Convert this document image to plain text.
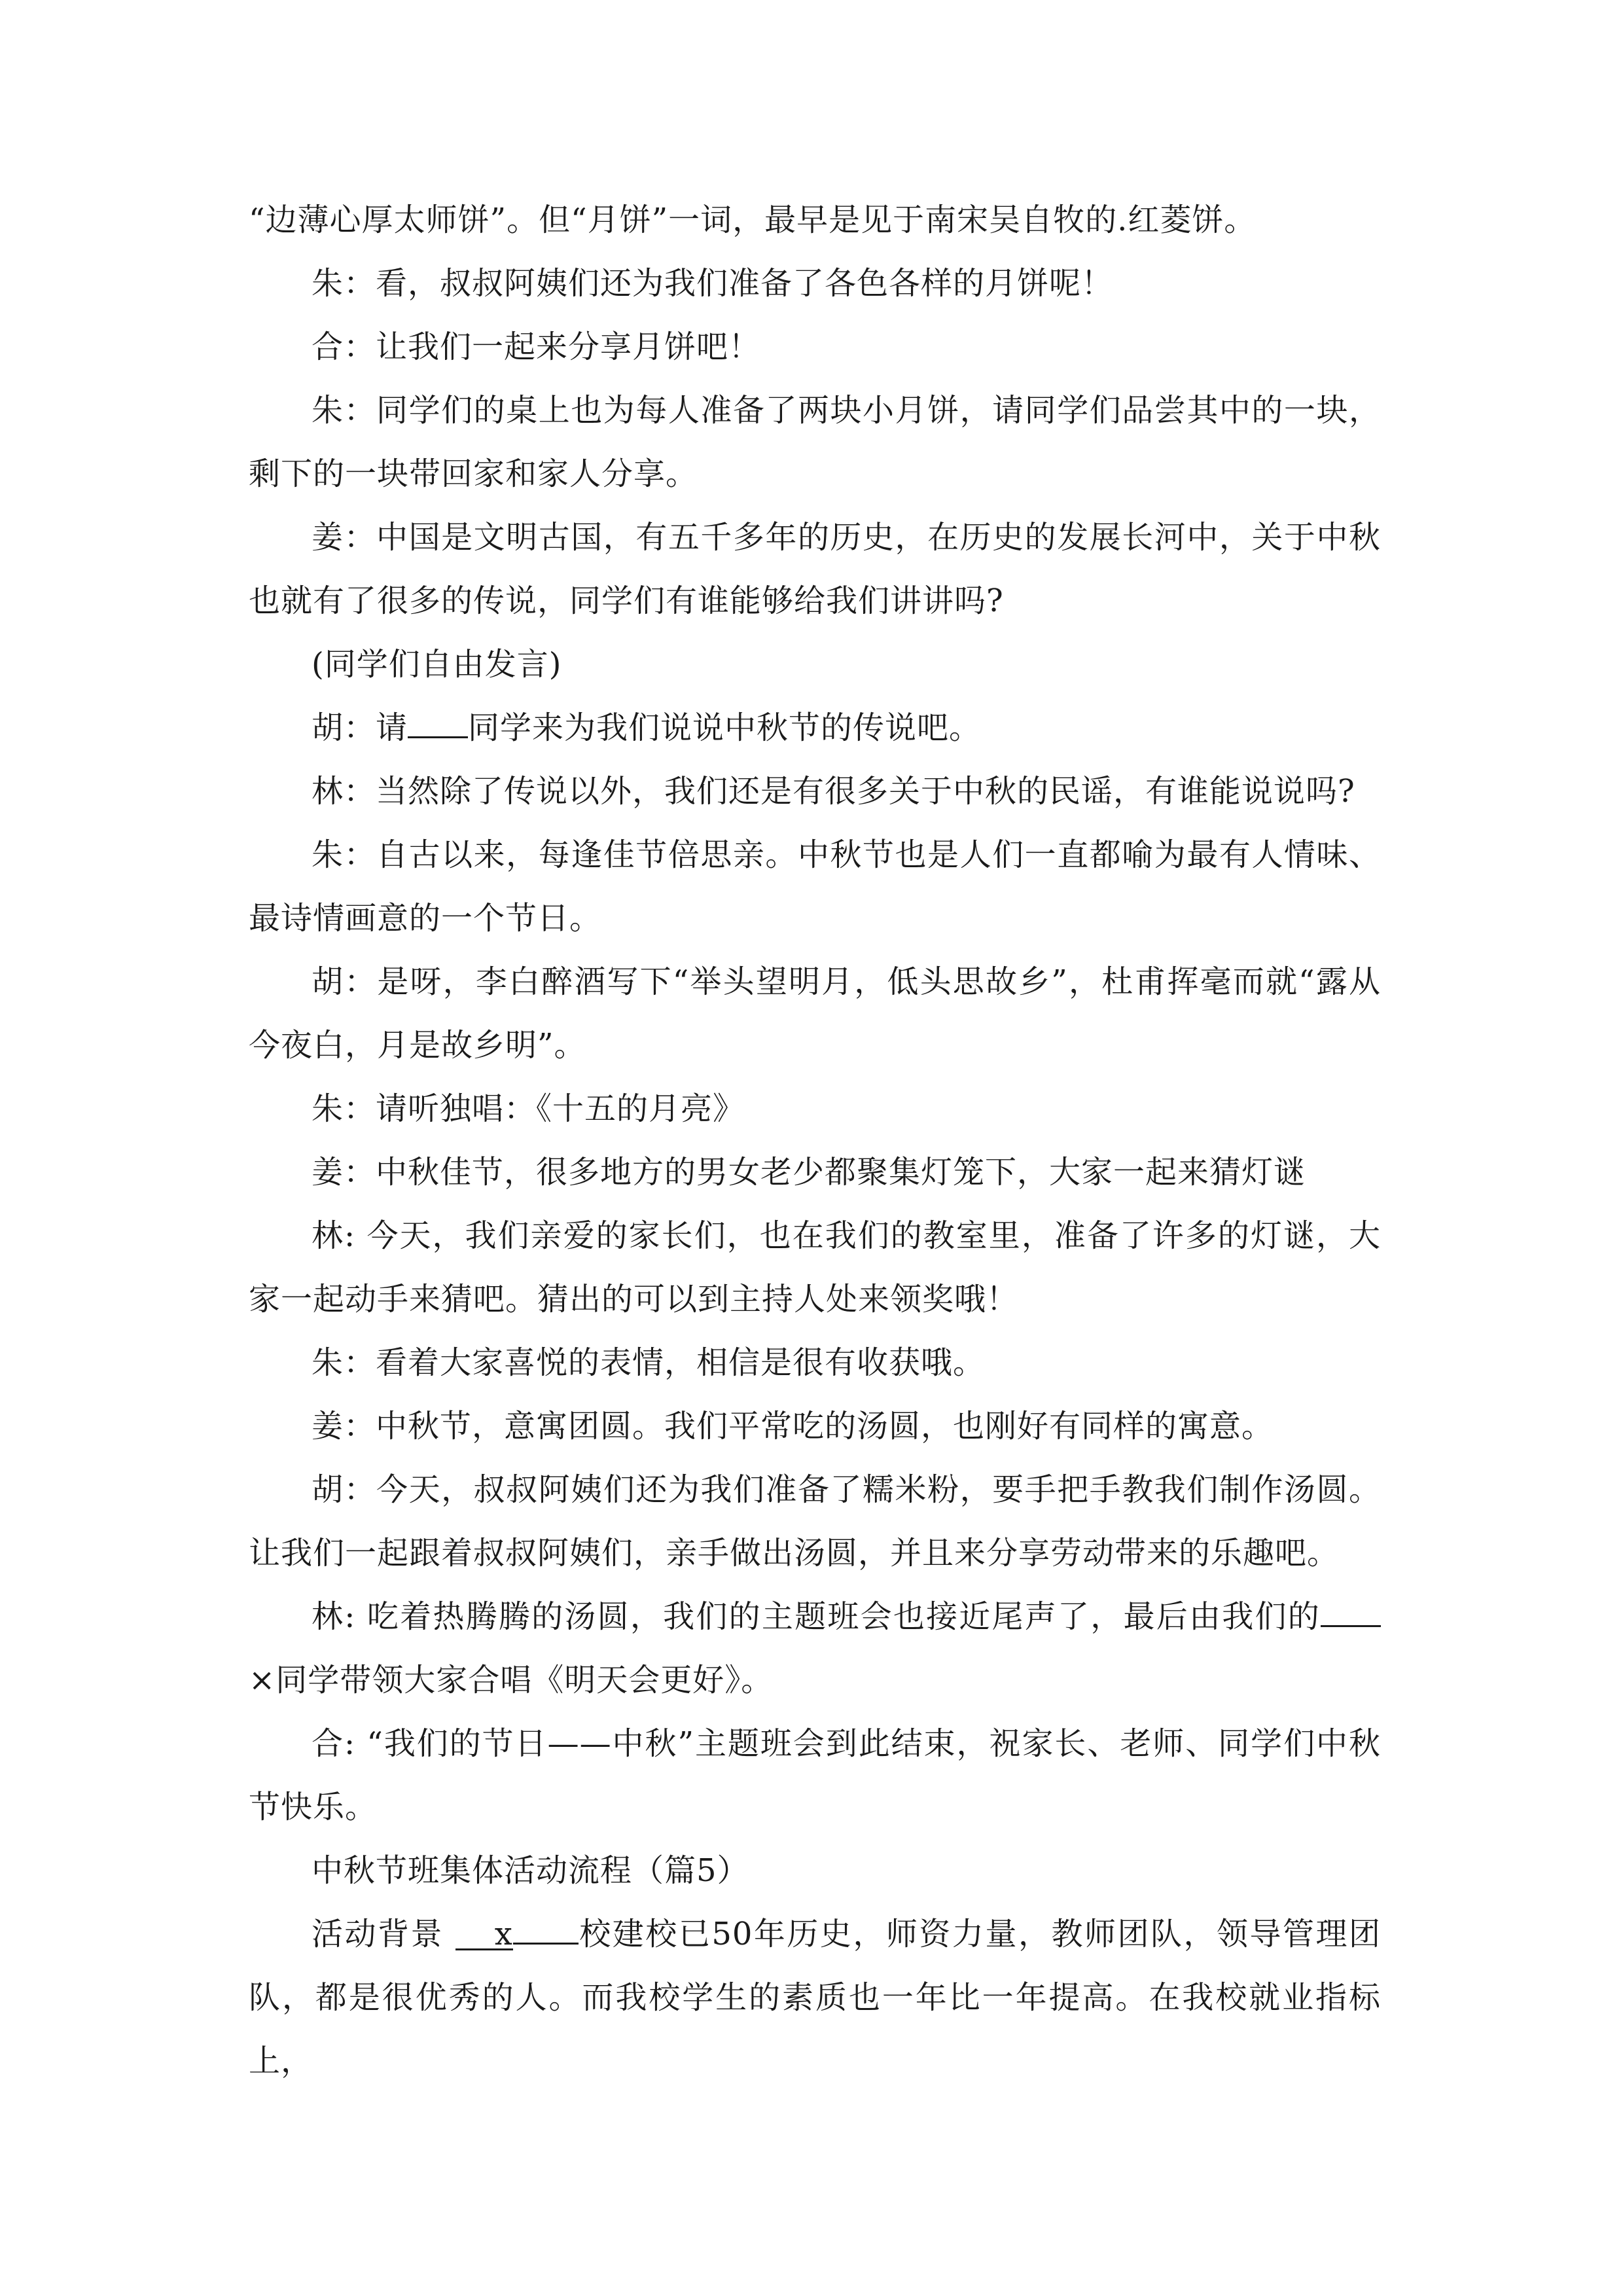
“边薄心厚太师饼”。但“月饼”一词，最早是见于南宋吴自牧的.红菱饼。

朱：看，叔叔阿姨们还为我们准备了各色各样的月饼呢！

合：让我们一起来分享月饼吧！

朱：同学们的桌上也为每人准备了两块小月饼，请同学们品尝其中的一块，剩下的一块带回家和家人分享。

姜：中国是文明古国，有五千多年的历史，在历史的发展长河中，关于中秋也就有了很多的传说，同学们有谁能够给我们讲讲吗?

(同学们自由发言)

胡：请 同学来为我们说说中秋节的传说吧。

林：当然除了传说以外，我们还是有很多关于中秋的民谣，有谁能说说吗?

朱：自古以来，每逢佳节倍思亲。中秋节也是人们一直都喻为最有人情味、最诗情画意的一个节日。

胡：是呀，李白醉酒写下“举头望明月，低头思故乡”，杜甫挥毫而就“露从今夜白，月是故乡明”。

朱：请听独唱：《十五的月亮》

姜：中秋佳节，很多地方的男女老少都聚集灯笼下，大家一起来猜灯谜

林: 今天，我们亲爱的家长们，也在我们的教室里，准备了许多的灯谜，大家一起动手来猜吧。猜出的可以到主持人处来领奖哦！

朱：看着大家喜悦的表情，相信是很有收获哦。

姜：中秋节，意寓团圆。我们平常吃的汤圆，也刚好有同样的寓意。

胡：今天，叔叔阿姨们还为我们准备了糯米粉，要手把手教我们制作汤圆。让我们一起跟着叔叔阿姨们，亲手做出汤圆，并且来分享劳动带来的乐趣吧。

林: 吃着热腾腾的汤圆，我们的主题班会也接近尾声了，最后由我们的×同学带领大家合唱《明天会更好》。

合: “我们的节日——中秋”主题班会到此结束，祝家长、老师、同学们中秋节快乐。

中秋节班集体活动流程（篇5）

活动背景 x 校建校已50年历史，师资力量，教师团队，领导管理团队，都是很优秀的人。而我校学生的素质也一年比一年提高。在我校就业指标上，
